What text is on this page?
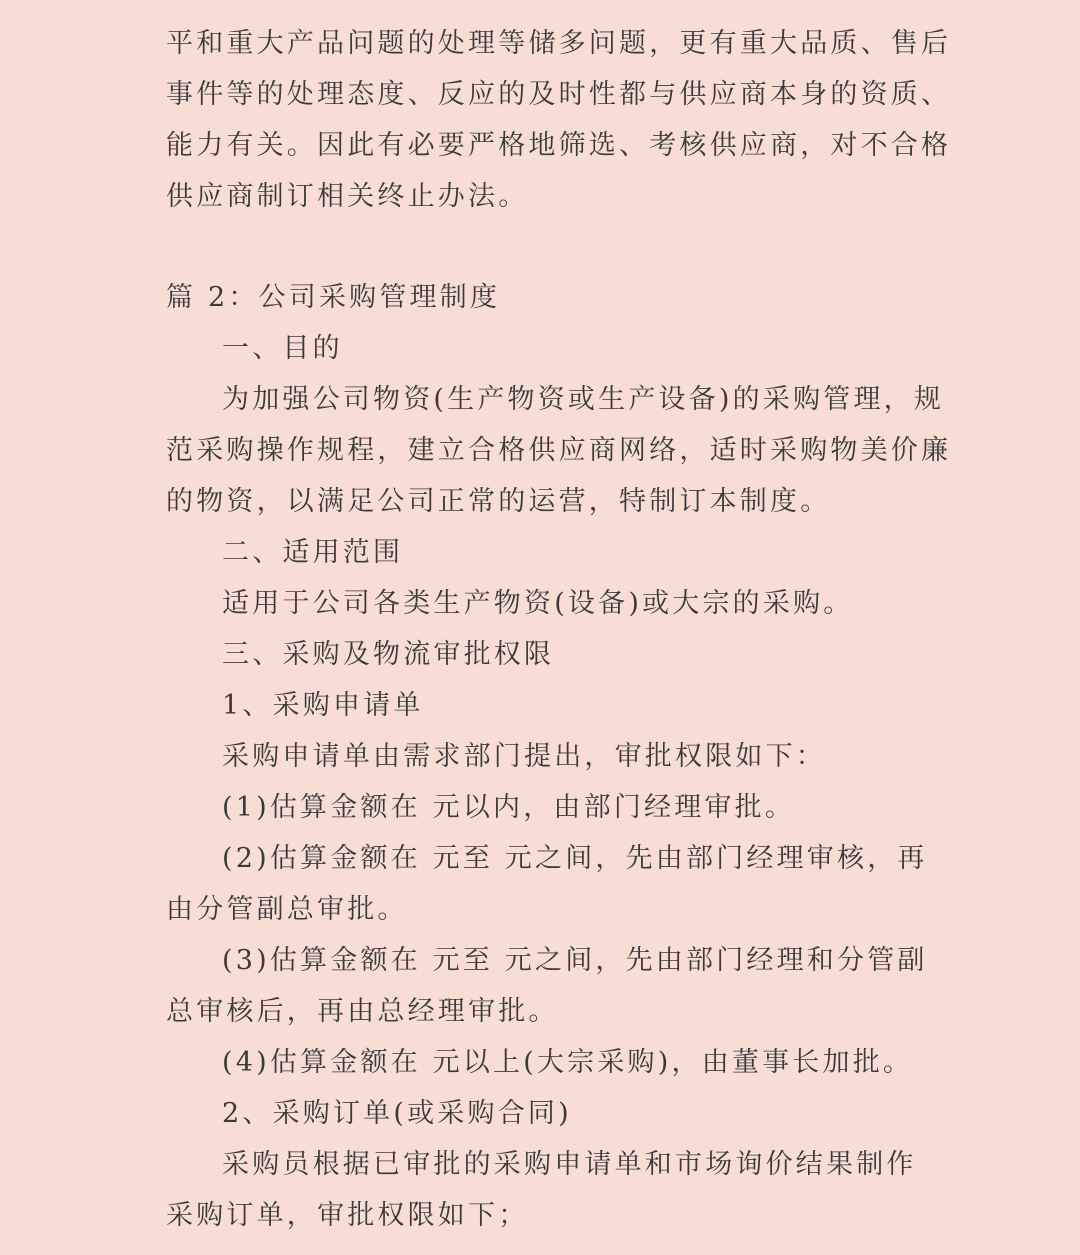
平和重大产品问题的处理等储多问题，更有重大品质、售后
事件等的处理态度、反应的及时性都与供应商本身的资质、
能力有关。因此有必要严格地筛选、考核供应商，对不合格
供应商制订相关终止办法。
篇 2：公司采购管理制度
一、目的
为加强公司物资(生产物资或生产设备)的采购管理，规
范采购操作规程，建立合格供应商网络，适时采购物美价廉
的物资，以满足公司正常的运营，特制订本制度。
二、适用范围
适用于公司各类生产物资(设备)或大宗的采购。
三、采购及物流审批权限
1、采购申请单
采购申请单由需求部门提出，审批权限如下：
(1)估算金额在 元以内，由部门经理审批。
(2)估算金额在 元至 元之间，先由部门经理审核，再
由分管副总审批。
(3)估算金额在 元至 元之间，先由部门经理和分管副
总审核后，再由总经理审批。
(4)估算金额在 元以上(大宗采购)，由董事长加批。
2、采购订单(或采购合同)
采购员根据已审批的采购申请单和市场询价结果制作
采购订单，审批权限如下；
